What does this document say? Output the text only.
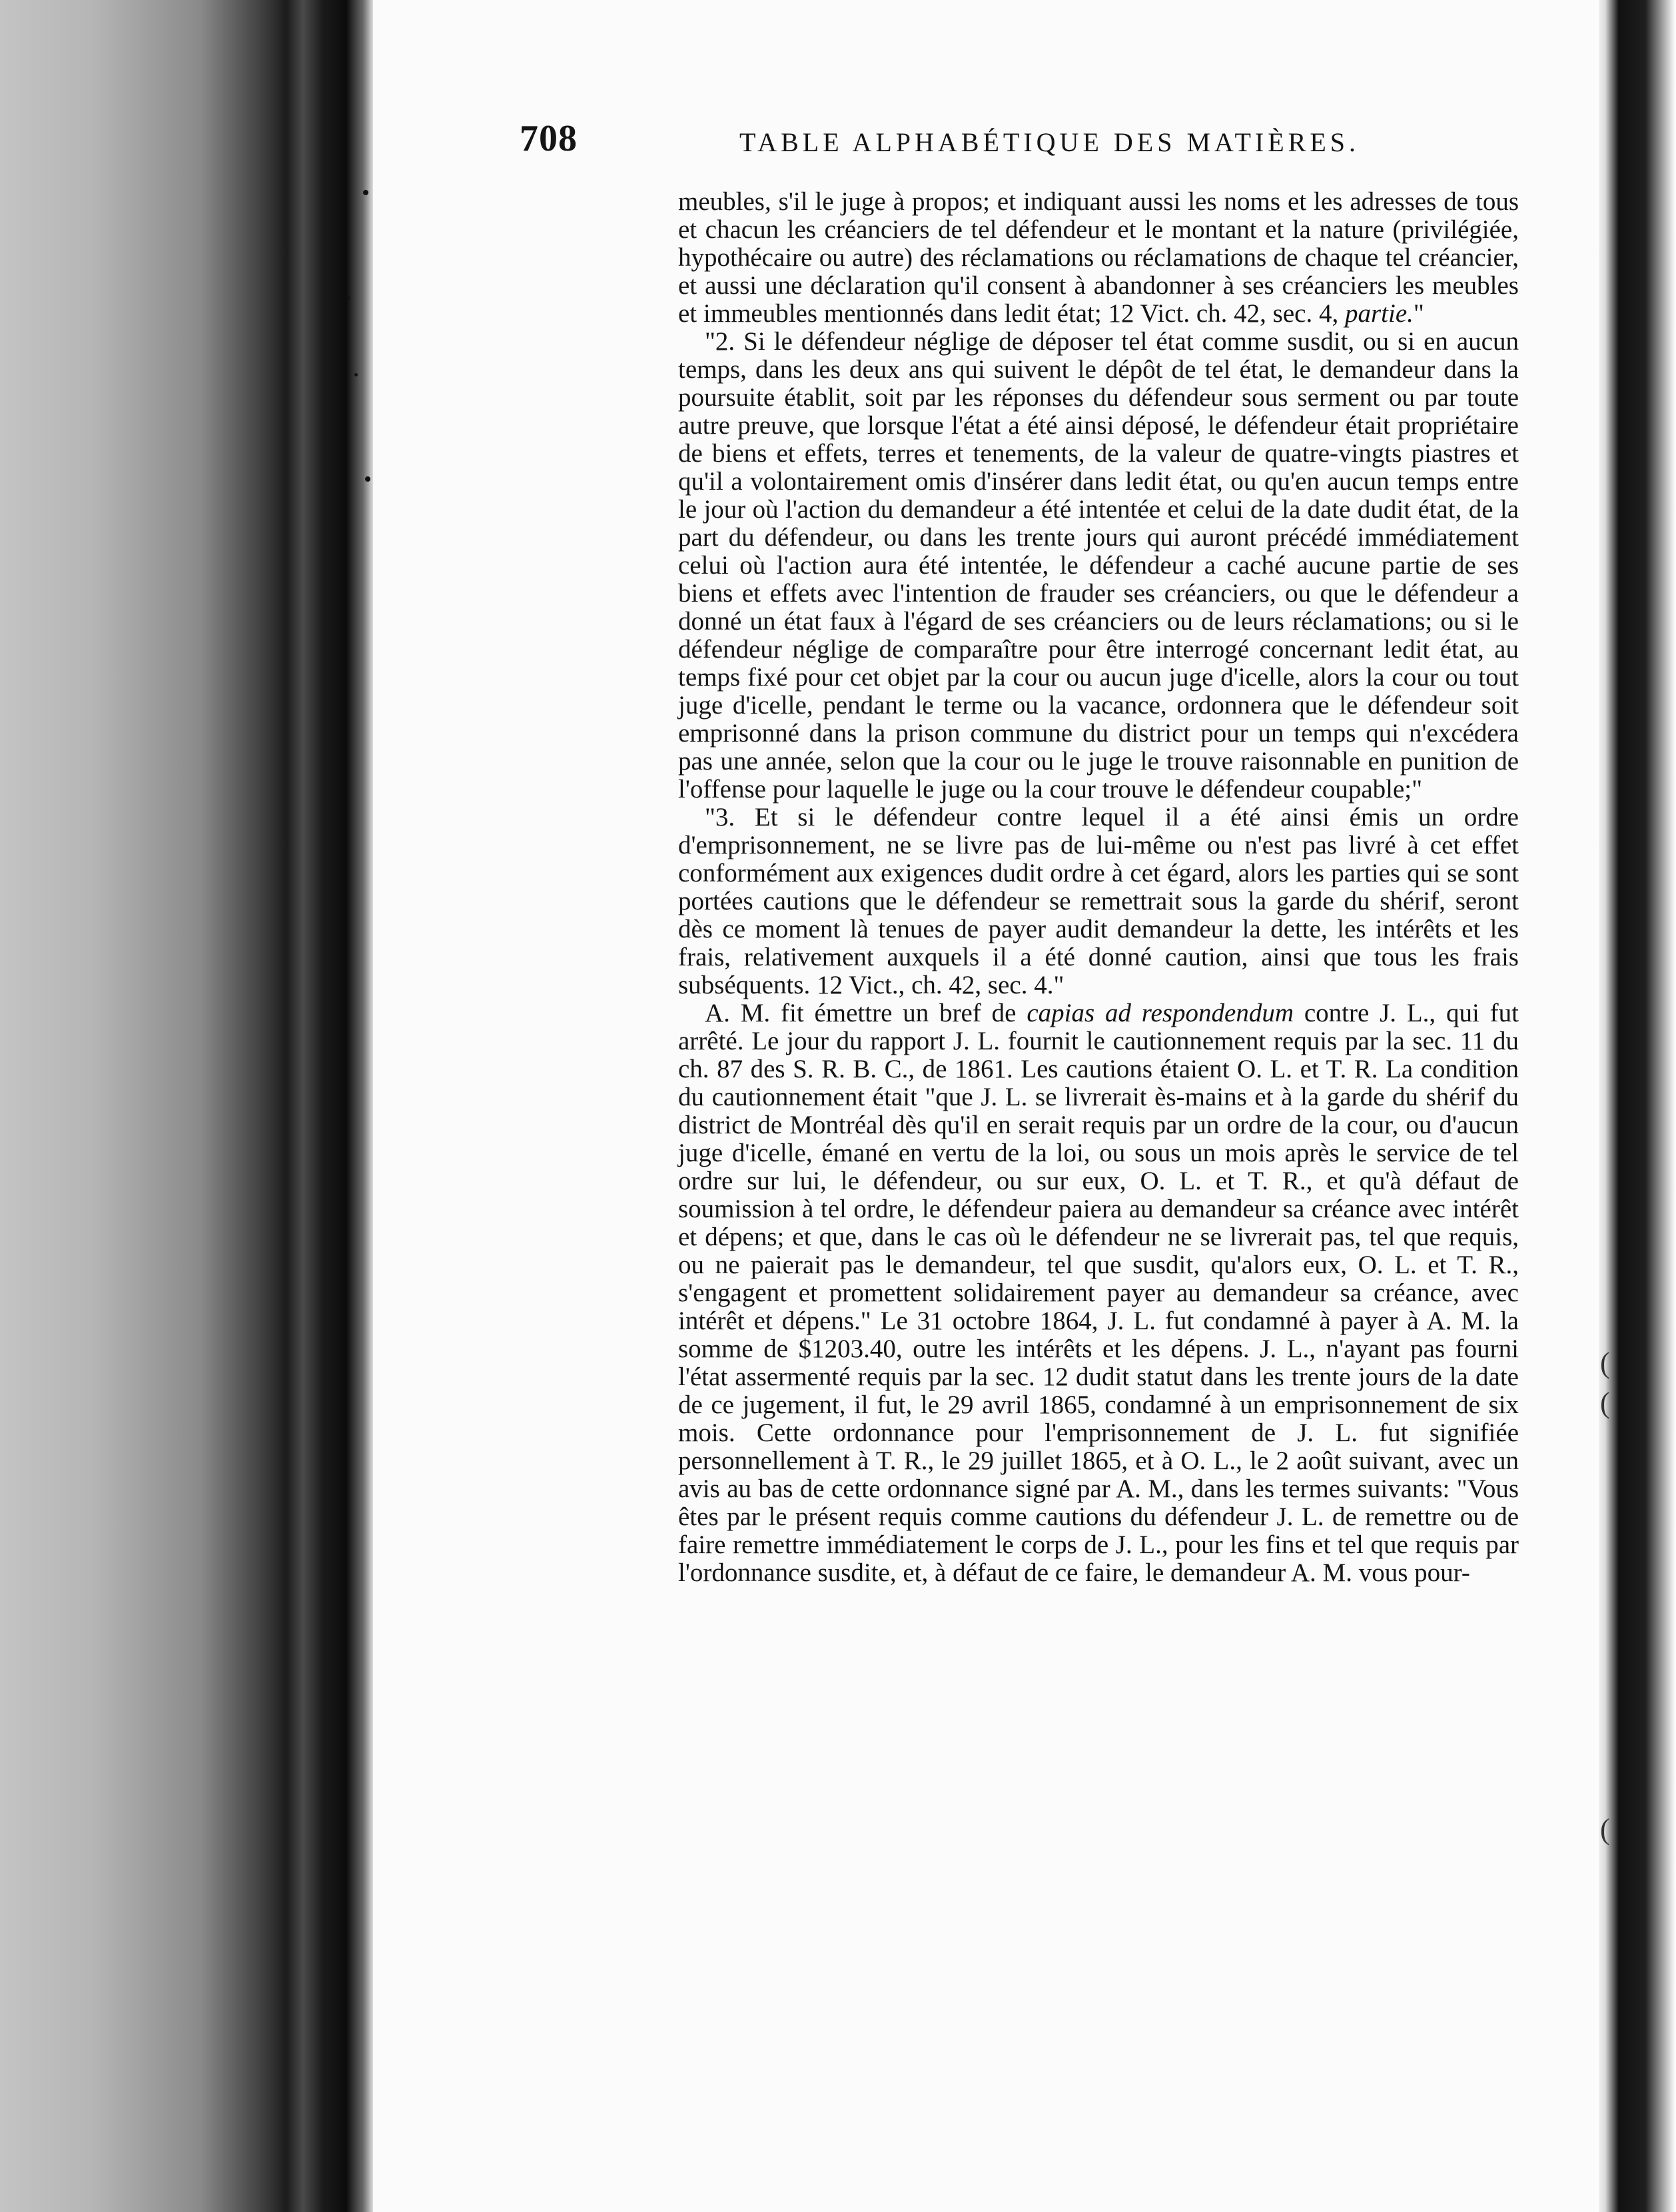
(
(
(
708	TABLE ALPHABÉTIQUE DES MATIÈRES.

meubles, s'il le juge à propos; et indiquant aussi les noms et les adresses de tous et chacun les créanciers de tel défendeur et le montant et la nature (privilégiée, hypothécaire ou autre) des réclamations ou réclamations de chaque tel créancier, et aussi une déclaration qu'il consent à abandonner à ses créanciers les meubles et immeubles mentionnés dans ledit état; 12 Vict. ch. 42, sec. 4, partie."

"2. Si le défendeur néglige de déposer tel état comme susdit, ou si en aucun temps, dans les deux ans qui suivent le dépôt de tel état, le demandeur dans la poursuite établit, soit par les réponses du défendeur sous serment ou par toute autre preuve, que lorsque l'état a été ainsi déposé, le défendeur était propriétaire de biens et effets, terres et tenements, de la valeur de quatre-vingts piastres et qu'il a volontairement omis d'insérer dans ledit état, ou qu'en aucun temps entre le jour où l'action du demandeur a été intentée et celui de la date dudit état, de la part du défendeur, ou dans les trente jours qui auront précédé immédiatement celui où l'action aura été intentée, le défendeur a caché aucune partie de ses biens et effets avec l'intention de frauder ses créanciers, ou que le défendeur a donné un état faux à l'égard de ses créanciers ou de leurs réclamations; ou si le défendeur néglige de comparaître pour être interrogé concernant ledit état, au temps fixé pour cet objet par la cour ou aucun juge d'icelle, alors la cour ou tout juge d'icelle, pendant le terme ou la vacance, ordonnera que le défendeur soit emprisonné dans la prison commune du district pour un temps qui n'excédera pas une année, selon que la cour ou le juge le trouve raisonnable en punition de l'offense pour laquelle le juge ou la cour trouve le défendeur coupable;"

"3. Et si le défendeur contre lequel il a été ainsi émis un ordre d'emprisonnement, ne se livre pas de lui-même ou n'est pas livré à cet effet conformément aux exigences dudit ordre à cet égard, alors les parties qui se sont portées cautions que le défendeur se remettrait sous la garde du shérif, seront dès ce moment là tenues de payer audit demandeur la dette, les intérêts et les frais, relativement auxquels il a été donné caution, ainsi que tous les frais subséquents. 12 Vict., ch. 42, sec. 4."

A. M. fit émettre un bref de capias ad respondendum contre J. L., qui fut arrêté. Le jour du rapport J. L. fournit le cautionnement requis par la sec. 11 du ch. 87 des S. R. B. C., de 1861. Les cautions étaient O. L. et T. R. La condition du cautionnement était "que J. L. se livrerait ès-mains et à la garde du shérif du district de Montréal dès qu'il en serait requis par un ordre de la cour, ou d'aucun juge d'icelle, émané en vertu de la loi, ou sous un mois après le service de tel ordre sur lui, le défendeur, ou sur eux, O. L. et T. R., et qu'à défaut de soumission à tel ordre, le défendeur paiera au demandeur sa créance avec intérêt et dépens; et que, dans le cas où le défendeur ne se livrerait pas, tel que requis, ou ne paierait pas le demandeur, tel que susdit, qu'alors eux, O. L. et T. R., s'engagent et promettent solidairement payer au demandeur sa créance, avec intérêt et dépens." Le 31 octobre 1864, J. L. fut condamné à payer à A. M. la somme de $1203.40, outre les intérêts et les dépens. J. L., n'ayant pas fourni l'état assermenté requis par la sec. 12 dudit statut dans les trente jours de la date de ce jugement, il fut, le 29 avril 1865, condamné à un emprisonnement de six mois. Cette ordonnance pour l'emprisonnement de J. L. fut signifiée personnellement à T. R., le 29 juillet 1865, et à O. L., le 2 août suivant, avec un avis au bas de cette ordonnance signé par A. M., dans les termes suivants: "Vous êtes par le présent requis comme cautions du défendeur J. L. de remettre ou de faire remettre immédiatement le corps de J. L., pour les fins et tel que requis par l'ordonnance susdite, et, à défaut de ce faire, le demandeur A. M. vous pour-
